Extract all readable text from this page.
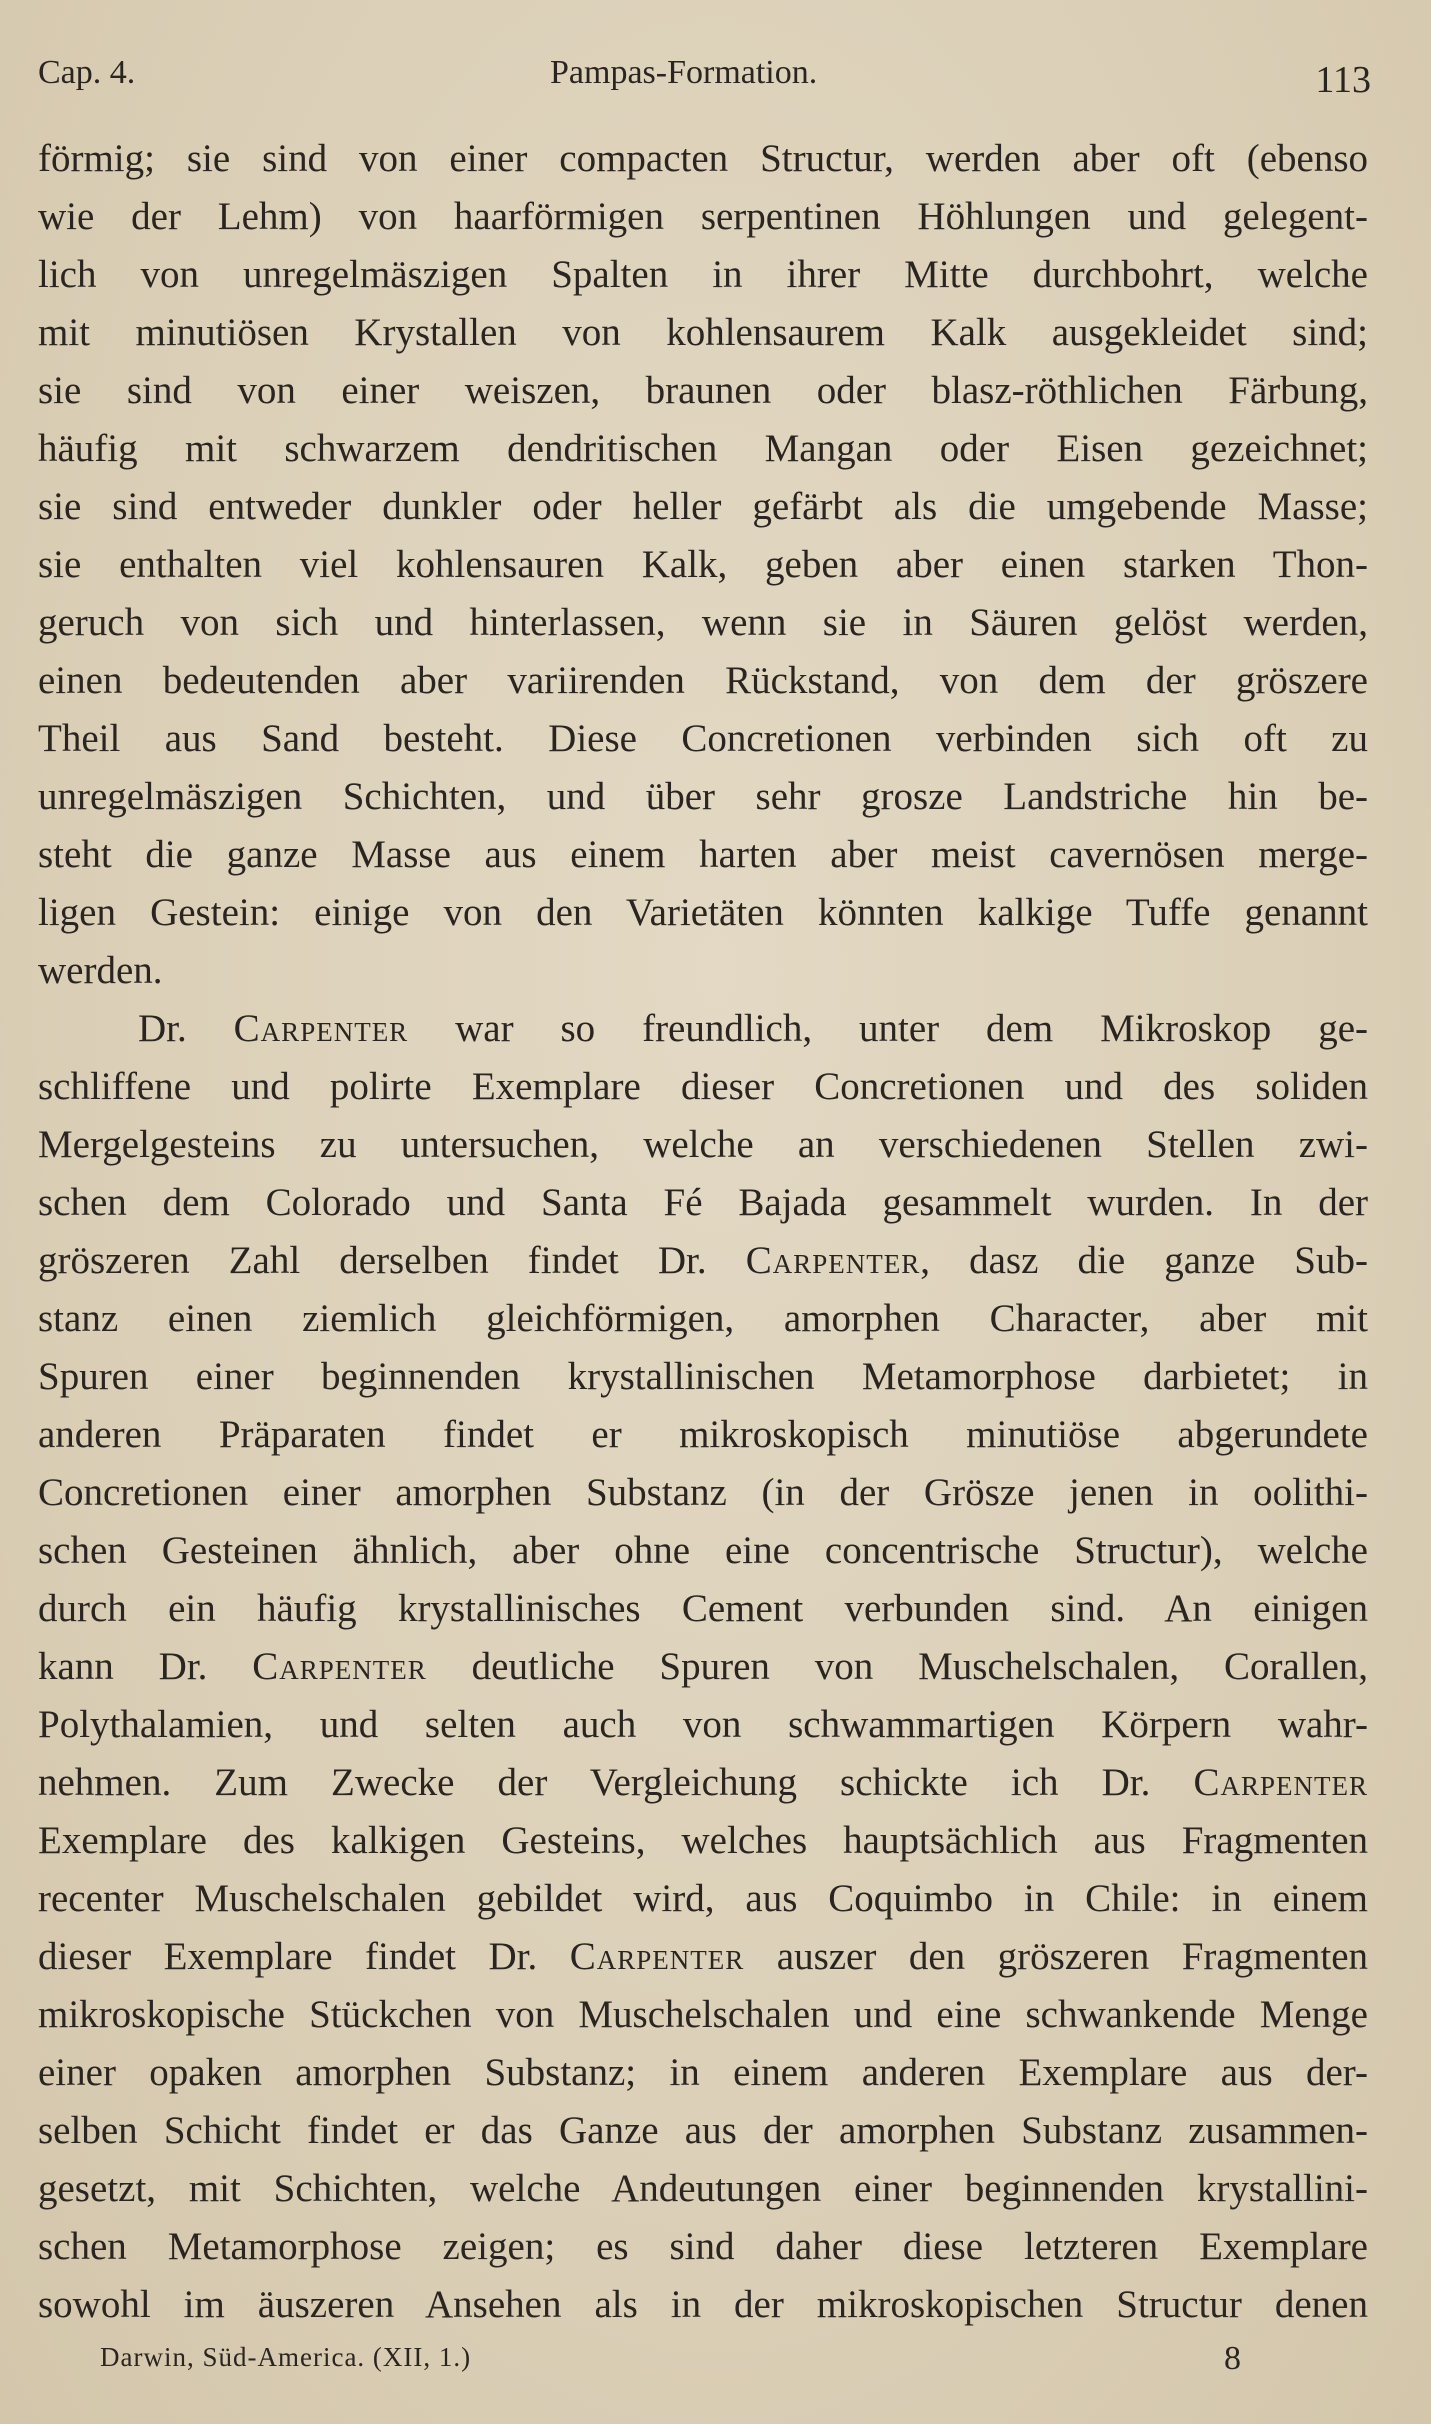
Cap. 4.	Pampas-Formation.	113
förmig; sie sind von einer compacten Structur, werden aber oft (ebenso
wie der Lehm) von haarförmigen serpentinen Höhlungen und gelegent-
lich von unregelmäszigen Spalten in ihrer Mitte durchbohrt, welche
mit minutiösen Krystallen von kohlensaurem Kalk ausgekleidet sind;
sie sind von einer weiszen, braunen oder blasz-röthlichen Färbung,
häufig mit schwarzem dendritischen Mangan oder Eisen gezeichnet;
sie sind entweder dunkler oder heller gefärbt als die umgebende Masse;
sie enthalten viel kohlensauren Kalk, geben aber einen starken Thon-
geruch von sich und hinterlassen, wenn sie in Säuren gelöst werden,
einen bedeutenden aber variirenden Rückstand, von dem der gröszere
Theil aus Sand besteht. Diese Concretionen verbinden sich oft zu
unregelmäszigen Schichten, und über sehr grosze Landstriche hin be-
steht die ganze Masse aus einem harten aber meist cavernösen merge-
ligen Gestein: einige von den Varietäten könnten kalkige Tuffe genannt
werden.
Dr. Carpenter war so freundlich, unter dem Mikroskop ge-
schliffene und polirte Exemplare dieser Concretionen und des soliden
Mergelgesteins zu untersuchen, welche an verschiedenen Stellen zwi-
schen dem Colorado und Santa Fé Bajada gesammelt wurden. In der
gröszeren Zahl derselben findet Dr. Carpenter, dasz die ganze Sub-
stanz einen ziemlich gleichförmigen, amorphen Character, aber mit
Spuren einer beginnenden krystallinischen Metamorphose darbietet; in
anderen Präparaten findet er mikroskopisch minutiöse abgerundete
Concretionen einer amorphen Substanz (in der Grösze jenen in oolithi-
schen Gesteinen ähnlich, aber ohne eine concentrische Structur), welche
durch ein häufig krystallinisches Cement verbunden sind. An einigen
kann Dr. Carpenter deutliche Spuren von Muschelschalen, Corallen,
Polythalamien, und selten auch von schwammartigen Körpern wahr-
nehmen. Zum Zwecke der Vergleichung schickte ich Dr. Carpenter
Exemplare des kalkigen Gesteins, welches hauptsächlich aus Fragmenten
recenter Muschelschalen gebildet wird, aus Coquimbo in Chile: in einem
dieser Exemplare findet Dr. Carpenter auszer den gröszeren Fragmenten
mikroskopische Stückchen von Muschelschalen und eine schwankende Menge
einer opaken amorphen Substanz; in einem anderen Exemplare aus der-
selben Schicht findet er das Ganze aus der amorphen Substanz zusammen-
gesetzt, mit Schichten, welche Andeutungen einer beginnenden krystallini-
schen Metamorphose zeigen; es sind daher diese letzteren Exemplare
sowohl im äuszeren Ansehen als in der mikroskopischen Structur denen
Darwin, Süd-America. (XII, 1.)	8
